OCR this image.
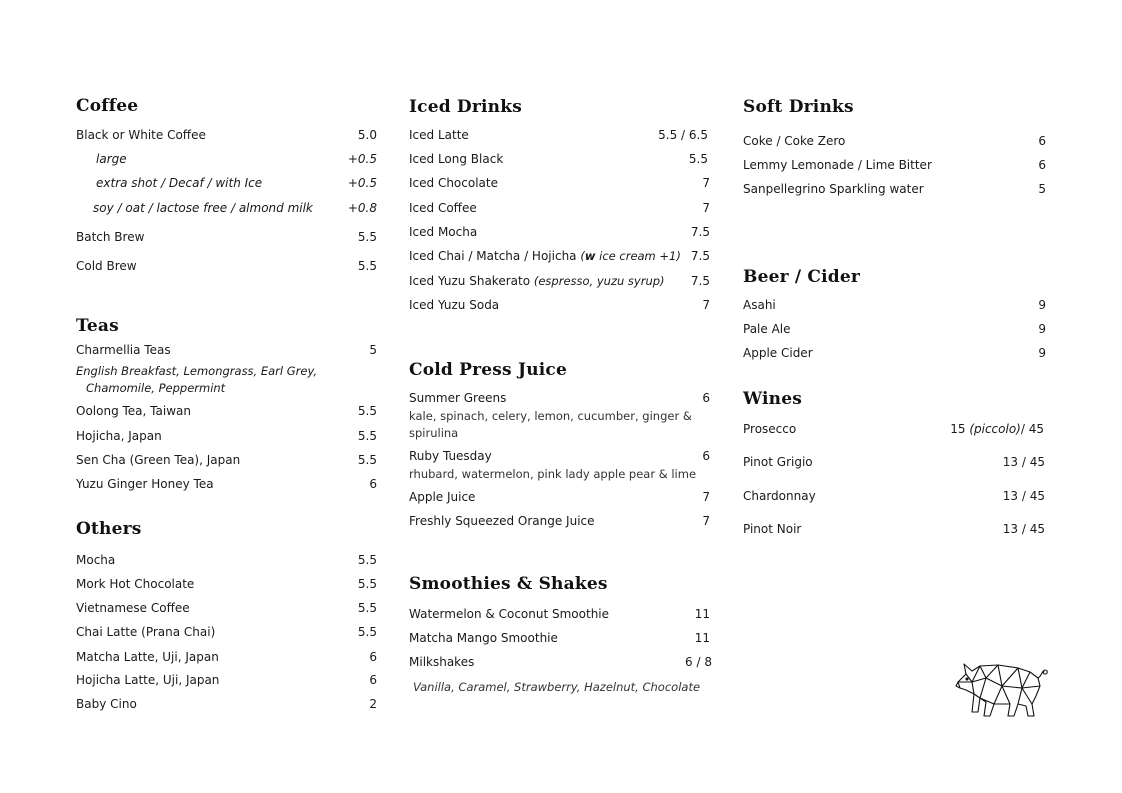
Coffee
Black or White Coffee	5.0
large	+0.5
extra shot / Decaf / with Ice	+0.5
soy / oat / lactose free / almond milk	+0.8
Batch Brew	5.5
Cold Brew	5.5
Teas
Charmellia Teas	5
English Breakfast, Lemongrass, Earl Grey,
Chamomile, Peppermint
Oolong Tea, Taiwan	5.5
Hojicha, Japan	5.5
Sen Cha (Green Tea), Japan	5.5
Yuzu Ginger Honey Tea	6
Others
Mocha	5.5
Mork Hot Chocolate	5.5
Vietnamese Coffee	5.5
Chai Latte (Prana Chai)	5.5
Matcha Latte, Uji, Japan	6
Hojicha Latte, Uji, Japan	6
Baby Cino	2
Iced Drinks
Iced Latte	5.5 / 6.5
Iced Long Black	5.5
Iced Chocolate	7
Iced Coffee	7
Iced Mocha	7.5
Iced Chai / Matcha / Hojicha (w ice cream +1) 7.5
Iced Yuzu Shakerato (espresso, yuzu syrup) 7.5
Iced Yuzu Soda	7
Cold Press Juice
Summer Greens	6
kale, spinach, celery, lemon, cucumber, ginger &
spirulina
Ruby Tuesday	6
rhubard, watermelon, pink lady apple pear & lime
Apple Juice	7
Freshly Squeezed Orange Juice	7
Smoothies & Shakes
Watermelon & Coconut Smoothie	11
Matcha Mango Smoothie	11
Milkshakes	6 / 8
Vanilla, Caramel, Strawberry, Hazelnut, Chocolate
Soft Drinks
Coke / Coke Zero	6
Lemmy Lemonade / Lime Bitter	6
Sanpellegrino Sparkling water	5
Beer / Cider
Asahi	9
Pale Ale	9
Apple Cider	9
Wines
Prosecco	15 (piccolo)/ 45
Pinot Grigio	13 / 45
Chardonnay	13 / 45
Pinot Noir	13 / 45
